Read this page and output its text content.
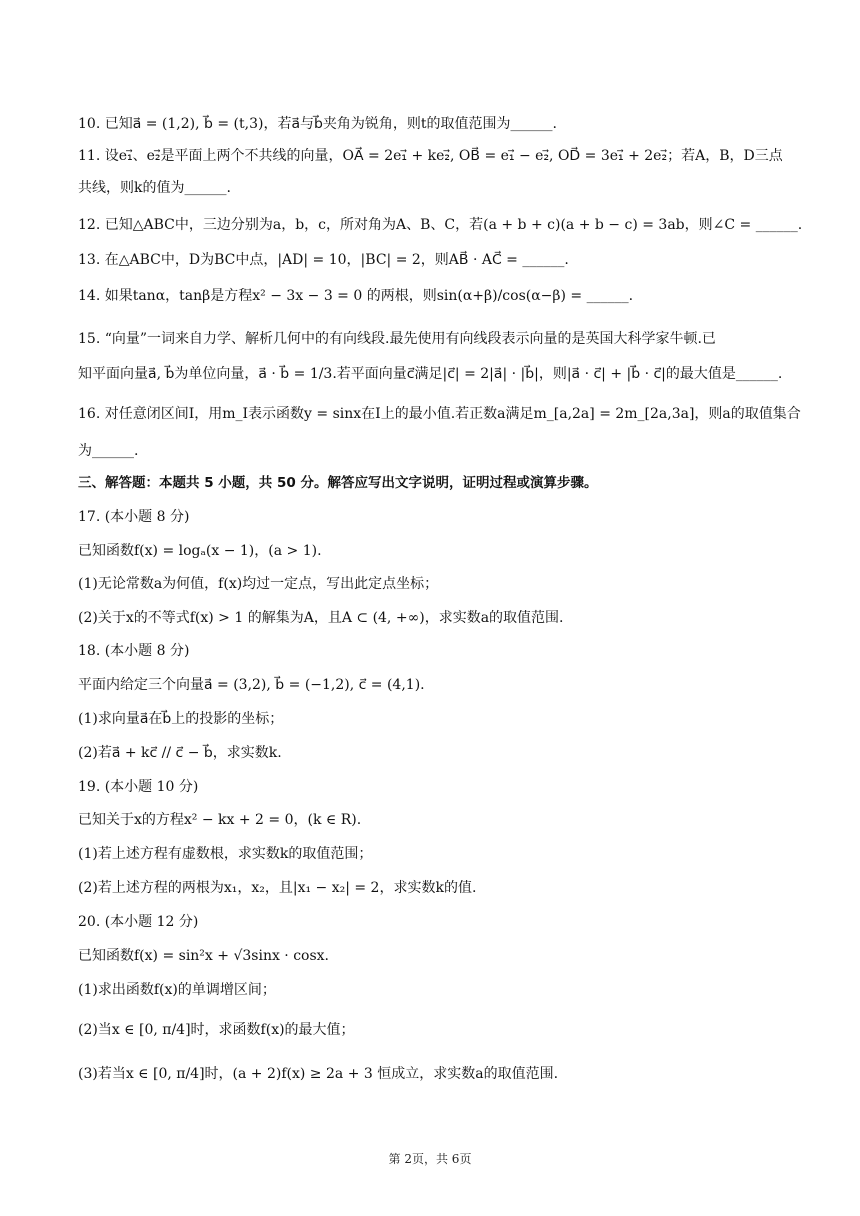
10. 已知a⃗ = (1,2), b⃗ = (t,3)，若a⃗与b⃗夹角为锐角，则t的取值范围为______.
11. 设e₁⃗、e₂⃗是平面上两个不共线的向量，OA⃗ = 2e₁⃗ + ke₂⃗, OB⃗ = e₁⃗ − e₂⃗, OD⃗ = 3e₁⃗ + 2e₂⃗；若A，B，D三点
共线，则k的值为______.
12. 已知△ABC中，三边分别为a，b，c，所对角为A、B、C，若(a + b + c)(a + b − c) = 3ab，则∠C = ______.
13. 在△ABC中，D为BC中点，|AD| = 10，|BC| = 2，则AB⃗ · AC⃗ = ______.
14. 如果tanα，tanβ是方程x² − 3x − 3 = 0 的两根，则sin(α+β)/cos(α−β) = ______.
15. “向量”一词来自力学、解析几何中的有向线段.最先使用有向线段表示向量的是英国大科学家牛顿.已
知平面向量a⃗, b⃗为单位向量，a⃗ · b⃗ = 1/3.若平面向量c⃗满足|c⃗| = 2|a⃗| · |b⃗|，则|a⃗ · c⃗| + |b⃗ · c⃗|的最大值是______.
16. 对任意闭区间I，用m_I表示函数y = sinx在I上的最小值.若正数a满足m_[a,2a] = 2m_[2a,3a]，则a的取值集合
为______.
三、解答题：本题共 5 小题，共 50 分。解答应写出文字说明，证明过程或演算步骤。
17. (本小题 8 分)
已知函数f(x) = logₐ(x − 1)，(a > 1).
(1)无论常数a为何值，f(x)均过一定点，写出此定点坐标；
(2)关于x的不等式f(x) > 1 的解集为A，且A ⊂ (4, +∞)，求实数a的取值范围.
18. (本小题 8 分)
平面内给定三个向量a⃗ = (3,2), b⃗ = (−1,2), c⃗ = (4,1).
(1)求向量a⃗在b⃗上的投影的坐标；
(2)若a⃗ + kc⃗ // c⃗ − b⃗，求实数k.
19. (本小题 10 分)
已知关于x的方程x² − kx + 2 = 0，(k ∈ R).
(1)若上述方程有虚数根，求实数k的取值范围；
(2)若上述方程的两根为x₁，x₂，且|x₁ − x₂| = 2，求实数k的值.
20. (本小题 12 分)
已知函数f(x) = sin²x + √3sinx · cosx.
(1)求出函数f(x)的单调增区间；
(2)当x ∈ [0, π/4]时，求函数f(x)的最大值；
(3)若当x ∈ [0, π/4]时，(a + 2)f(x) ≥ 2a + 3 恒成立，求实数a的取值范围.
第 2页，共 6页
